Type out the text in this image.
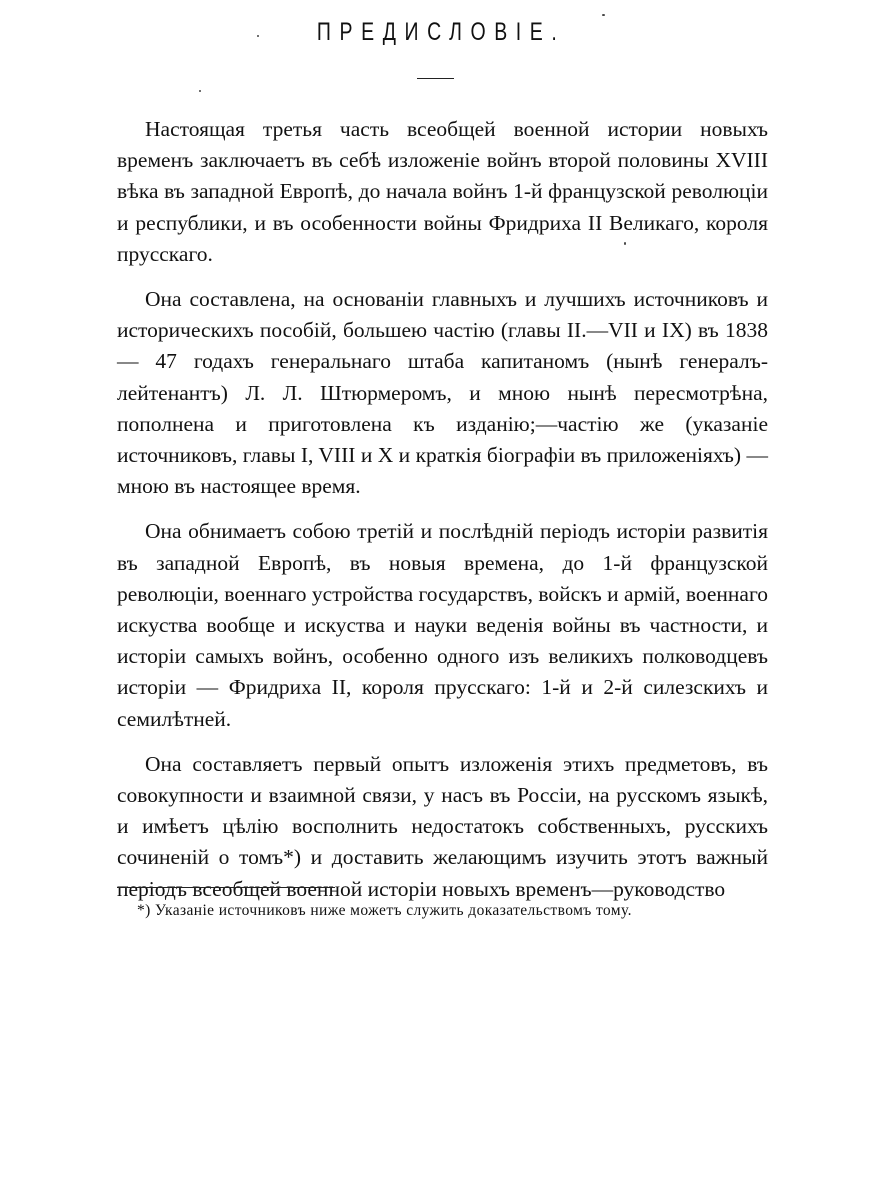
ПРЕДИСЛОВІЕ.

Настоящая третья часть всеобщей военной истории новыхъ временъ заключаетъ въ себѣ изложеніе войнъ второй половины XVIII вѣка въ западной Европѣ, до начала войнъ 1-й французской революціи и республики, и въ особенности войны Фридриха II Великаго, короля прусскаго.

Она составлена, на основаніи главныхъ и лучшихъ источниковъ и историческихъ пособій, большею частію (главы II.—VII и IX) въ 1838 — 47 годахъ генеральнаго штаба капитаномъ (нынѣ генералъ-лейтенантъ) Л. Л. Штюрмеромъ, и мною нынѣ пересмотрѣна, пополнена и приготовлена къ изданію;—частію же (указаніе источниковъ, главы I, VIII и X и краткія біографіи въ приложеніяхъ) — мною въ настоящее время.

Она обнимаетъ собою третій и послѣдній періодъ исторіи развитія въ западной Европѣ, въ новыя времена, до 1-й французской революціи, военнаго устройства государствъ, войскъ и армій, военнаго искуства вообще и искуства и науки веденія войны въ частности, и исторіи самыхъ войнъ, особенно одного изъ великихъ полководцевъ исторіи — Фридриха II, короля прусскаго: 1-й и 2-й силезскихъ и семилѣтней.

Она составляетъ первый опытъ изложенія этихъ предметовъ, въ совокупности и взаимной связи, у насъ въ Россіи, на русскомъ языкѣ, и имѣетъ цѣлію восполнить недостатокъ собственныхъ, русскихъ сочиненій о томъ*) и доставить желающимъ изучить этотъ важный періодъ всеобщей военной исторіи новыхъ временъ—руководство

*) Указаніе источниковъ ниже можетъ служить доказательствомъ тому.
